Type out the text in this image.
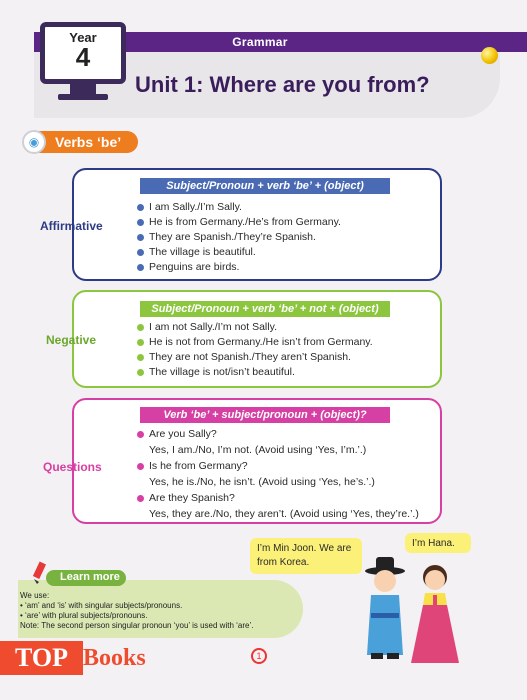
Grammar
Year
4
Unit 1: Where are you from?
Verbs ‘be’
◉
Affirmative
Subject/Pronoun + verb ‘be’ + (object)
I am Sally./I’m Sally.
He is from Germany./He’s from Germany.
They are Spanish./They’re Spanish.
The village is beautiful.
Penguins are birds.
Negative
Subject/Pronoun + verb ‘be’ + not + (object)
I am not Sally./I’m not Sally.
He is not from Germany./He isn’t from Germany.
They are not Spanish./They aren’t Spanish.
The village is not/isn’t beautiful.
Questions
Verb ‘be’ + subject/pronoun + (object)?
Are you Sally?
Yes, I am./No, I’m not. (Avoid using ‘Yes, I’m.’.)
Is he from Germany?
Yes, he is./No, he isn’t. (Avoid using ‘Yes, he’s.’.)
Are they Spanish?
Yes, they are./No, they aren’t. (Avoid using ‘Yes, they’re.’.)
I’m Min Joon. We are from Korea.
I’m Hana.
Learn more
We use:
• ‘am’ and ‘is’ with singular subjects/pronouns.
• ‘are’ with plural subjects/pronouns.
Note: The second person singular pronoun ‘you’ is used with ‘are’.
1
TOP Books
